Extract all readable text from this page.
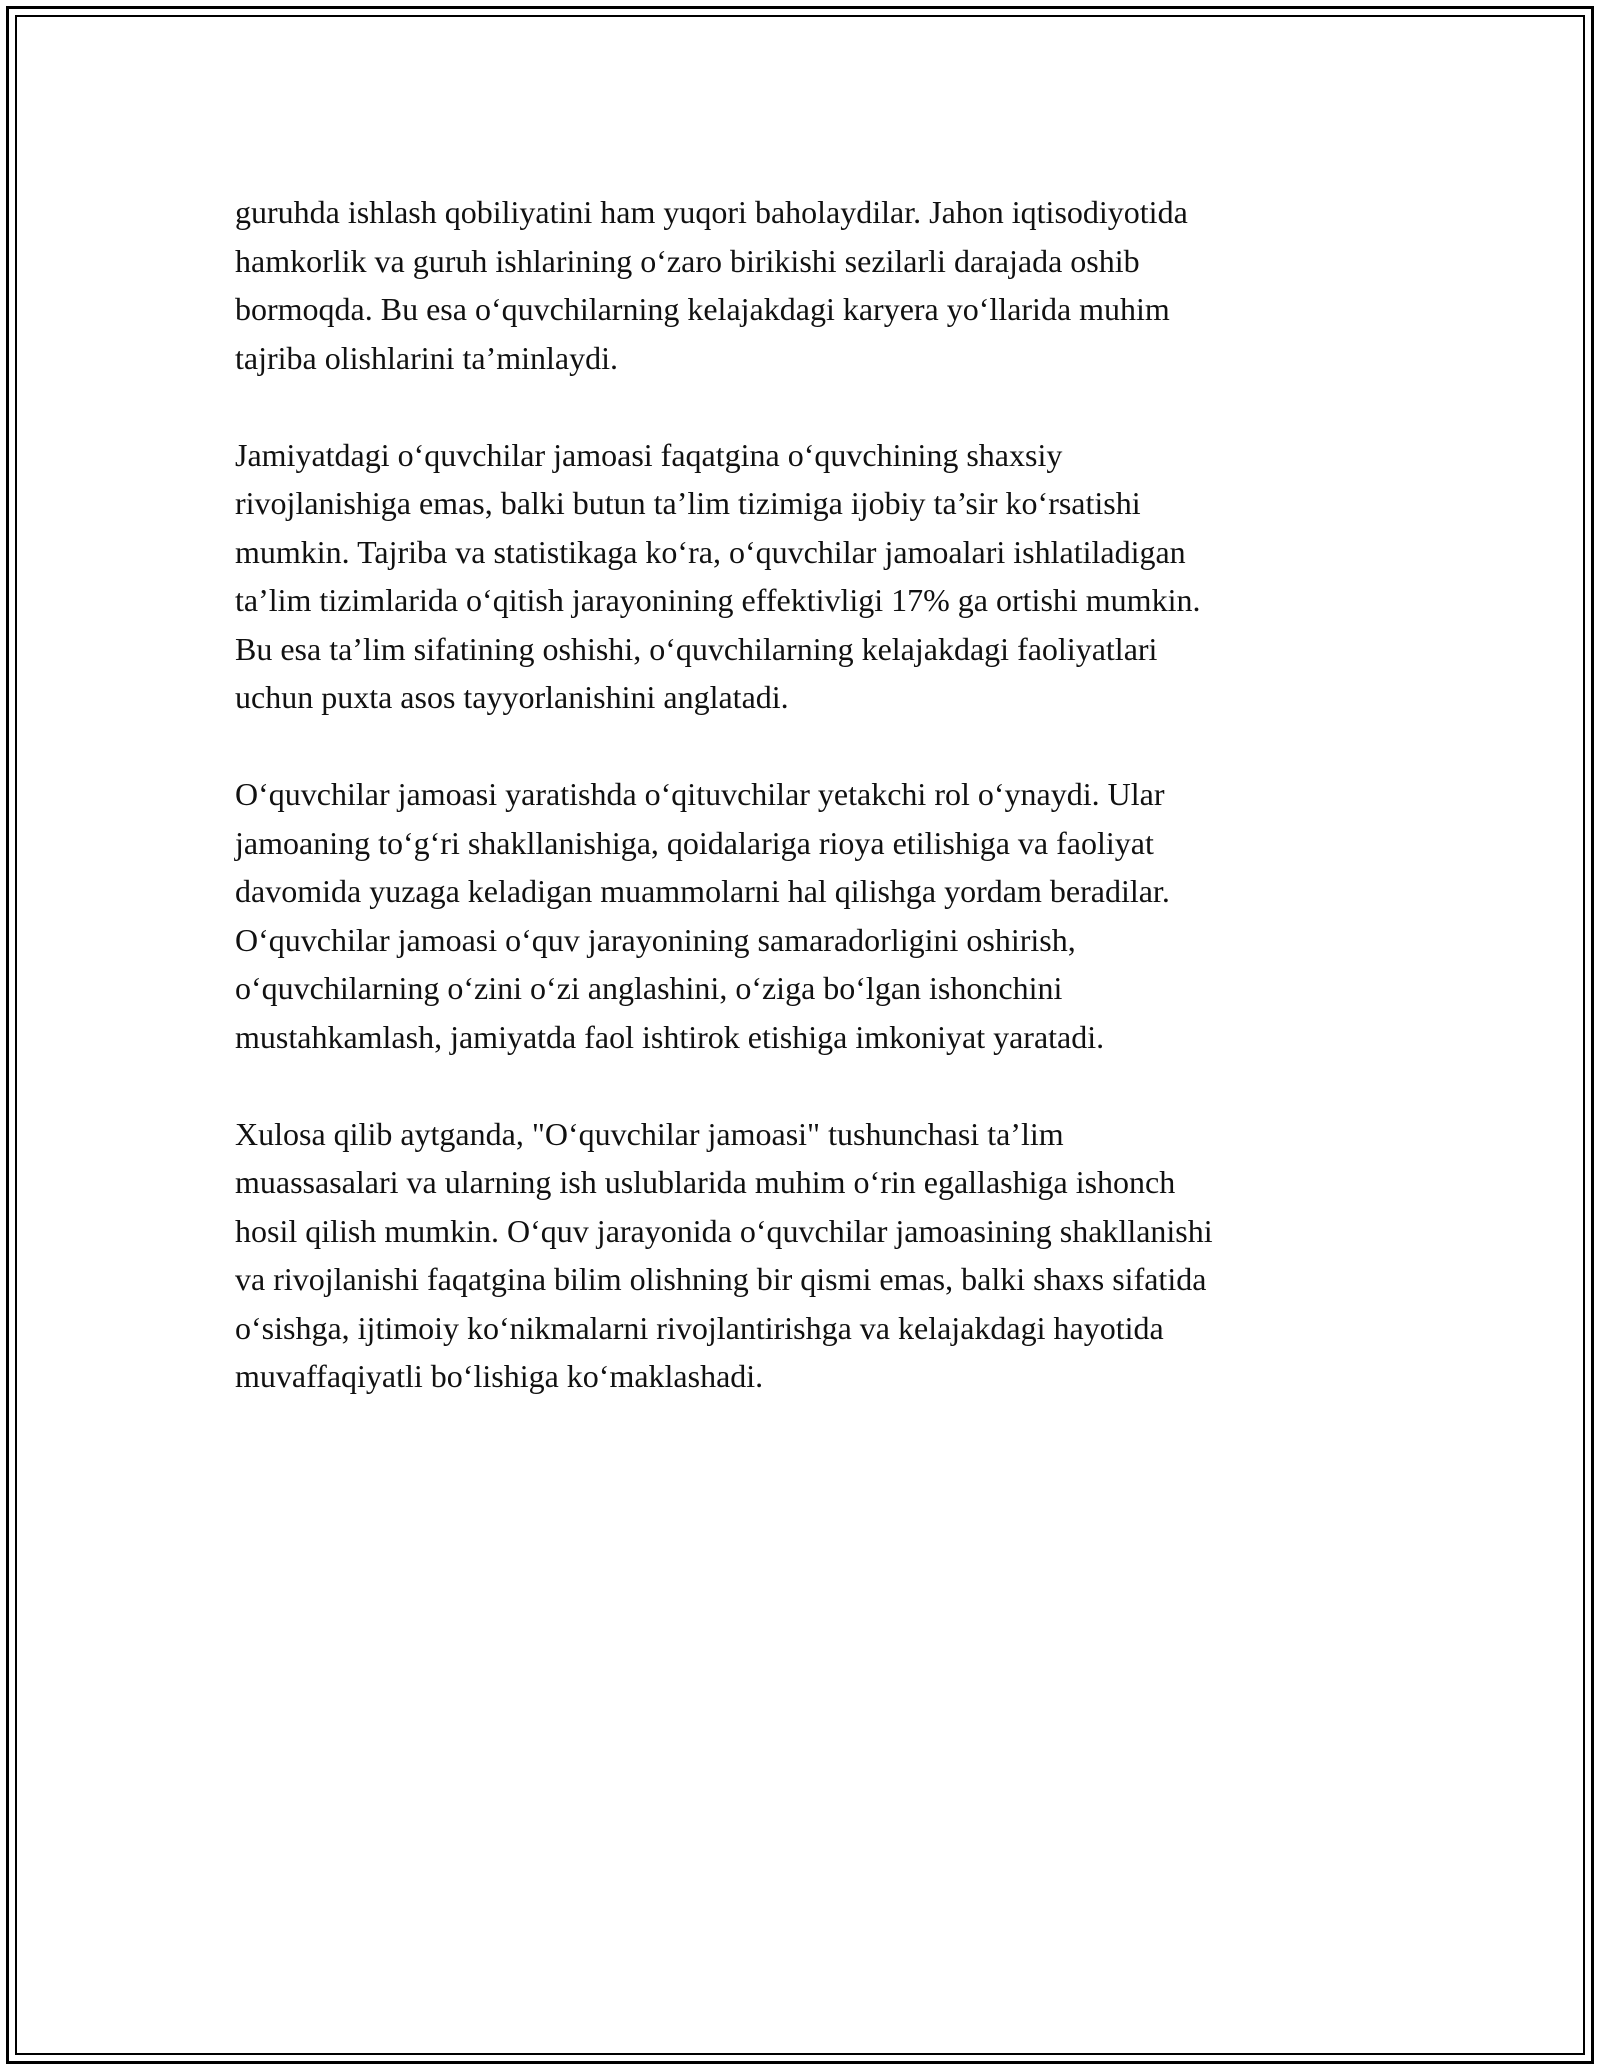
guruhda ishlash qobiliyatini ham yuqori baholaydilar. Jahon iqtisodiyotida
hamkorlik va guruh ishlarining o‘zaro birikishi sezilarli darajada oshib
bormoqda. Bu esa o‘quvchilarning kelajakdagi karyera yo‘llarida muhim
tajriba olishlarini ta’minlaydi.

Jamiyatdagi o‘quvchilar jamoasi faqatgina o‘quvchining shaxsiy
rivojlanishiga emas, balki butun ta’lim tizimiga ijobiy ta’sir ko‘rsatishi
mumkin. Tajriba va statistikaga ko‘ra, o‘quvchilar jamoalari ishlatiladigan
ta’lim tizimlarida o‘qitish jarayonining effektivligi 17% ga ortishi mumkin.
Bu esa ta’lim sifatining oshishi, o‘quvchilarning kelajakdagi faoliyatlari
uchun puxta asos tayyorlanishini anglatadi.

O‘quvchilar jamoasi yaratishda o‘qituvchilar yetakchi rol o‘ynaydi. Ular
jamoaning to‘g‘ri shakllanishiga, qoidalariga rioya etilishiga va faoliyat
davomida yuzaga keladigan muammolarni hal qilishga yordam beradilar.
O‘quvchilar jamoasi o‘quv jarayonining samaradorligini oshirish,
o‘quvchilarning o‘zini o‘zi anglashini, o‘ziga bo‘lgan ishonchini
mustahkamlash, jamiyatda faol ishtirok etishiga imkoniyat yaratadi.

Xulosa qilib aytganda, "O‘quvchilar jamoasi" tushunchasi ta’lim
muassasalari va ularning ish uslublarida muhim o‘rin egallashiga ishonch
hosil qilish mumkin. O‘quv jarayonida o‘quvchilar jamoasining shakllanishi
va rivojlanishi faqatgina bilim olishning bir qismi emas, balki shaxs sifatida
o‘sishga, ijtimoiy ko‘nikmalarni rivojlantirishga va kelajakdagi hayotida
muvaffaqiyatli bo‘lishiga ko‘maklashadi.
